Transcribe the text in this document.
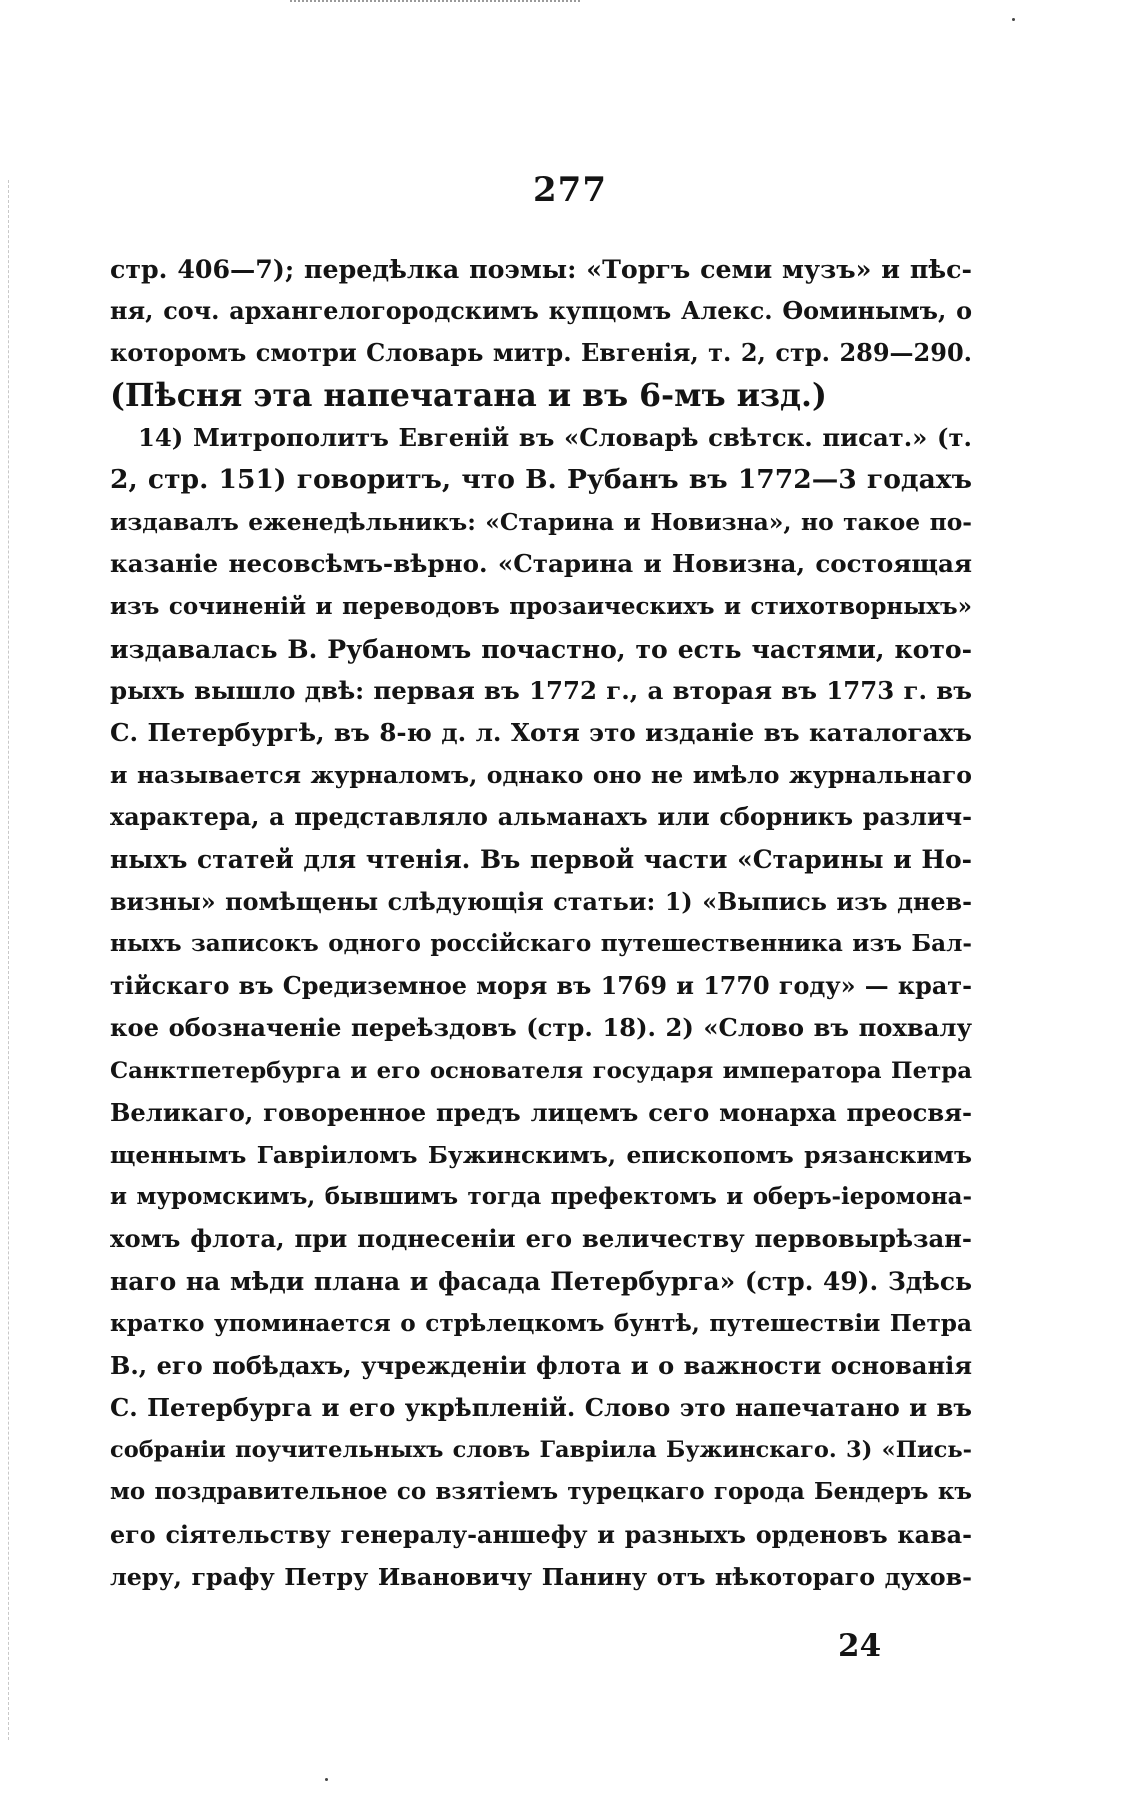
277
стр. 406—7); передѣлка поэмы: «Торгъ семи музъ» и пѣс-
ня, соч. архангелогородскимъ купцомъ Алекс. Ѳоминымъ, о
которомъ смотри Словарь митр. Евгенія, т. 2, стр. 289—290.
(Пѣсня эта напечатана и въ 6-мъ изд.)
14) Митрополитъ Евгеній въ «Словарѣ свѣтск. писат.» (т.
2, стр. 151) говоритъ, что В. Рубанъ въ 1772—3 годахъ
издавалъ еженедѣльникъ: «Старина и Новизна», но такое по-
казаніе несовсѣмъ-вѣрно. «Старина и Новизна, состоящая
изъ сочиненій и переводовъ прозаическихъ и стихотворныхъ»
издавалась В. Рубаномъ почастно, то есть частями, кото-
рыхъ вышло двѣ: первая въ 1772 г., а вторая въ 1773 г. въ
С. Петербургѣ, въ 8-ю д. л. Хотя это изданіе въ каталогахъ
и называется журналомъ, однако оно не имѣло журнальнаго
характера, а представляло альманахъ или сборникъ различ-
ныхъ статей для чтенія. Въ первой части «Старины и Но-
визны» помѣщены слѣдующія статьи: 1) «Выпись изъ днев-
ныхъ записокъ одного россійскаго путешественника изъ Бал-
тійскаго въ Средиземное моря въ 1769 и 1770 году» — крат-
кое обозначеніе переѣздовъ (стр. 18). 2) «Слово въ похвалу
Санктпетербурга и его основателя государя императора Петра
Великаго, говоренное предъ лицемъ сего монарха преосвя-
щеннымъ Гавріиломъ Бужинскимъ, епископомъ рязанскимъ
и муромскимъ, бывшимъ тогда префектомъ и оберъ-іеромона-
хомъ флота, при поднесеніи его величеству первовырѣзан-
наго на мѣди плана и фасада Петербурга» (стр. 49). Здѣсь
кратко упоминается о стрѣлецкомъ бунтѣ, путешествіи Петра
В., его побѣдахъ, учрежденіи флота и о важности основанія
С. Петербурга и его укрѣпленій. Слово это напечатано и въ
собраніи поучительныхъ словъ Гавріила Бужинскаго. 3) «Пись-
мо поздравительное со взятіемъ турецкаго города Бендеръ къ
его сіятельству генералу-аншефу и разныхъ орденовъ кава-
леру, графу Петру Ивановичу Панину отъ нѣкотораго духов-
24
